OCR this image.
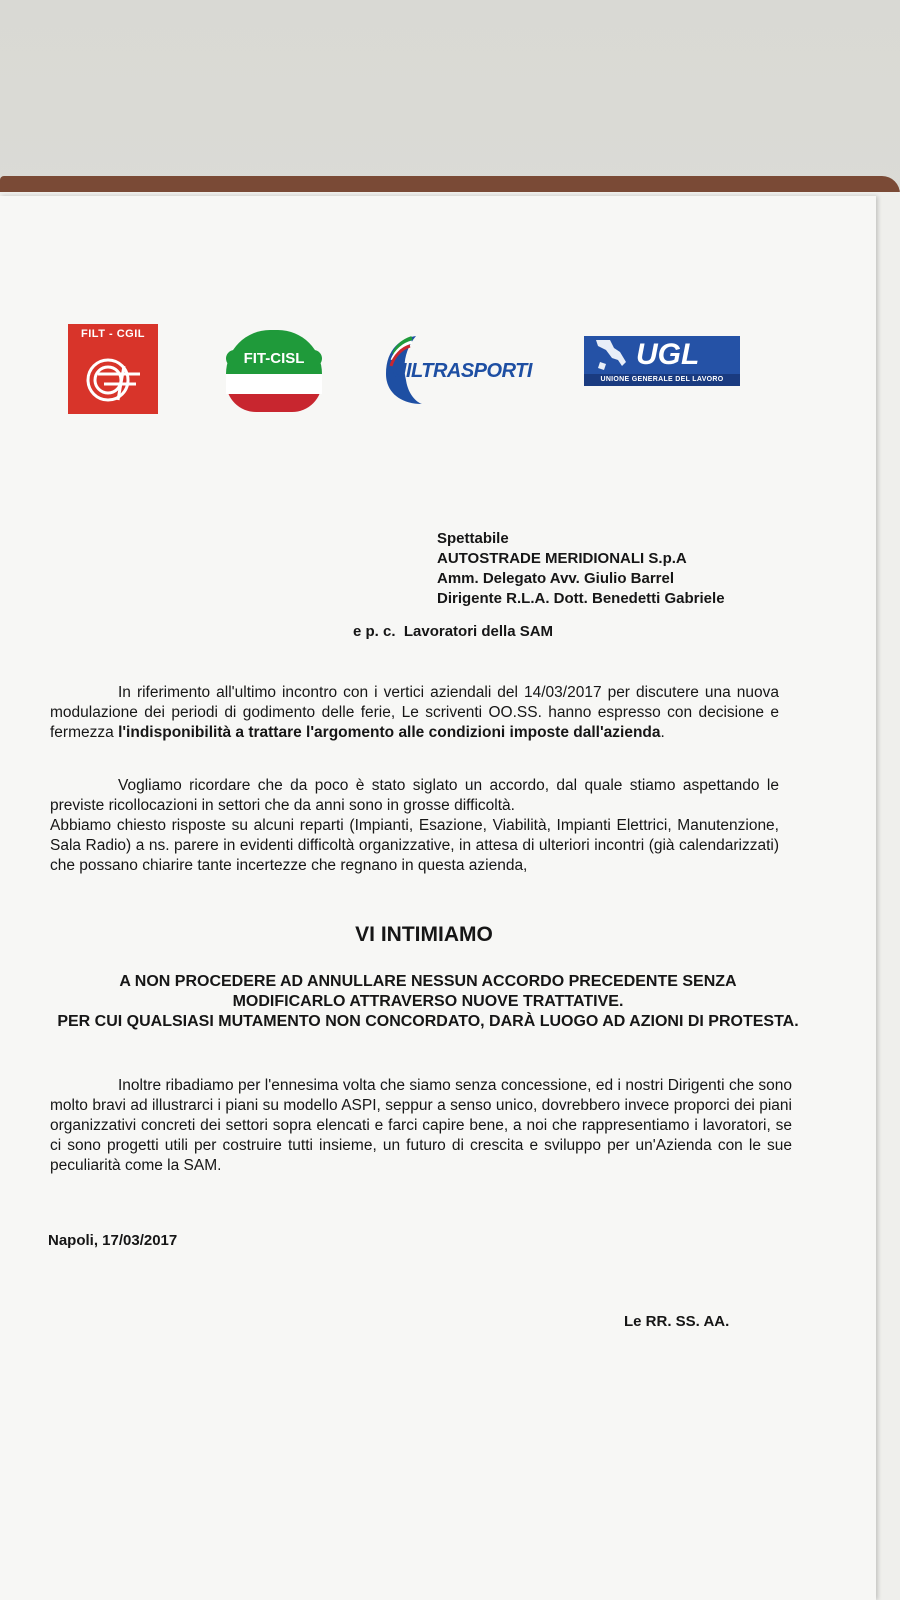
FILT - CGIL
FIT-CISL
UILTRASPORTI	UGL
UNIONE GENERALE DEL LAVORO
Spettabile
AUTOSTRADE MERIDIONALI S.p.A
Amm. Delegato Avv. Giulio Barrel
Dirigente R.L.A. Dott. Benedetti Gabriele
e p. c.  Lavoratori della SAM
In riferimento all'ultimo incontro con i vertici aziendali del 14/03/2017 per discutere una nuova modulazione dei periodi di godimento delle ferie, Le scriventi OO.SS. hanno espresso con decisione e fermezza l'indisponibilità a trattare l'argomento alle condizioni imposte dall'azienda.
Vogliamo ricordare che da poco è stato siglato un accordo, dal quale stiamo aspettando le previste ricollocazioni in settori che da anni sono in grosse difficoltà.
Abbiamo chiesto risposte su alcuni reparti (Impianti, Esazione, Viabilità, Impianti Elettrici, Manutenzione, Sala Radio) a ns. parere in evidenti difficoltà organizzative, in attesa di ulteriori incontri (già calendarizzati) che possano chiarire tante incertezze che regnano in questa azienda,
VI INTIMIAMO
A NON PROCEDERE AD ANNULLARE NESSUN ACCORDO PRECEDENTE SENZA MODIFICARLO ATTRAVERSO NUOVE TRATTATIVE.
PER CUI QUALSIASI MUTAMENTO NON CONCORDATO, DARÀ LUOGO AD AZIONI DI PROTESTA.
Inoltre ribadiamo per l'ennesima volta che siamo senza concessione, ed i nostri Dirigenti che sono molto bravi ad illustrarci i piani su modello ASPI, seppur a senso unico, dovrebbero invece proporci dei piani organizzativi concreti dei settori sopra elencati e farci capire bene, a noi che rappresentiamo i lavoratori, se ci sono progetti utili per costruire tutti insieme, un futuro di crescita e sviluppo per un'Azienda con le sue peculiarità come la SAM.
Napoli, 17/03/2017
Le RR. SS. AA.
